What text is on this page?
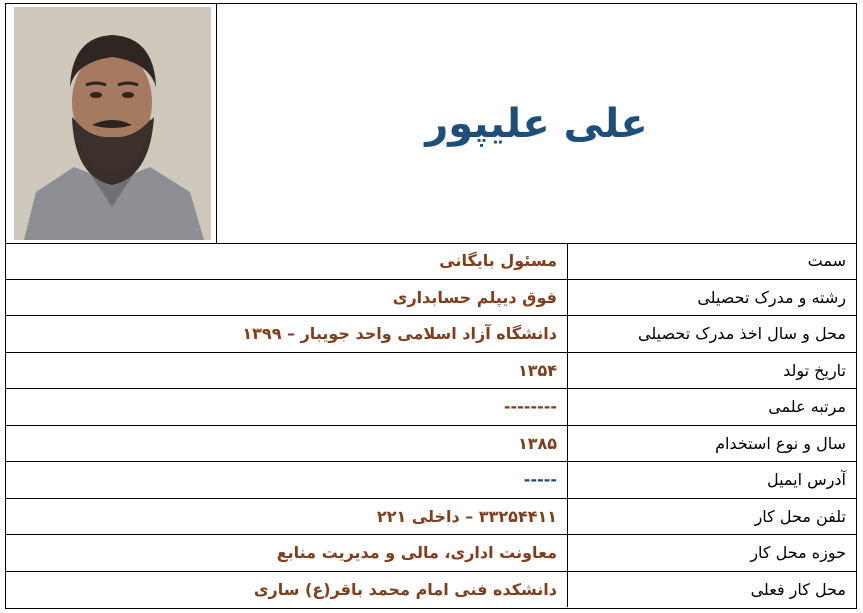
علی علیپور
سمت	مسئول بایگانی
رشته و مدرک تحصیلی	فوق دیپلم حسابداری
محل و سال اخذ مدرک تحصیلی	دانشگاه آزاد اسلامی واحد جویبار – ۱۳۹۹
تاریخ تولد	۱۳۵۴
مرتبه علمی	--------
سال و نوع استخدام	۱۳۸۵
آدرس ایمیل	-----
تلفن محل کار	۳۳۲۵۴۴۱۱ – داخلی ۲۲۱
حوزه محل کار	معاونت اداری، مالی و مدیریت منابع
محل کار فعلی	دانشکده فنی امام محمد باقر(ع) ساری
